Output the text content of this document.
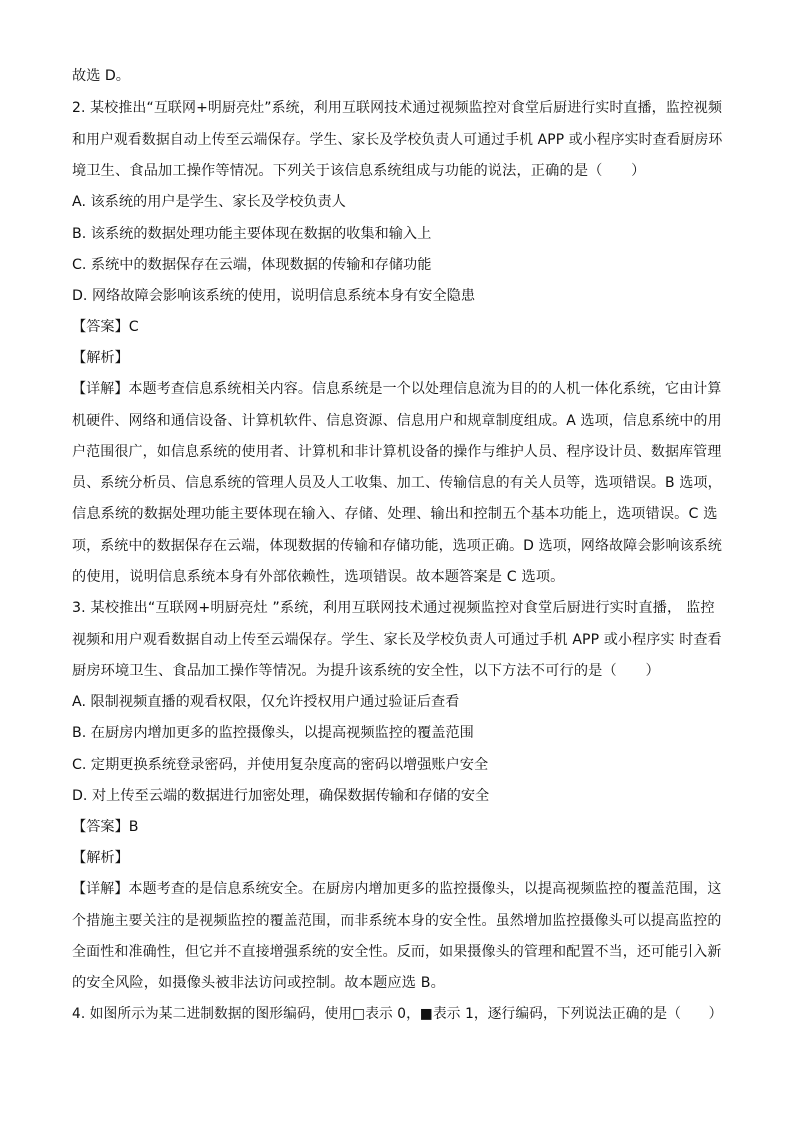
故选 D。
2. 某校推出“互联网+明厨亮灶”系统，利用互联网技术通过视频监控对食堂后厨进行实时直播，监控视频
和用户观看数据自动上传至云端保存。学生、家长及学校负责人可通过手机 APP 或小程序实时查看厨房环
境卫生、食品加工操作等情况。下列关于该信息系统组成与功能的说法，正确的是（　　）
A. 该系统的用户是学生、家长及学校负责人
B. 该系统的数据处理功能主要体现在数据的收集和输入上
C. 系统中的数据保存在云端，体现数据的传输和存储功能
D. 网络故障会影响该系统的使用，说明信息系统本身有安全隐患
【答案】C
【解析】
【详解】本题考查信息系统相关内容。信息系统是一个以处理信息流为目的的人机一体化系统，它由计算
机硬件、网络和通信设备、计算机软件、信息资源、信息用户和规章制度组成。A 选项，信息系统中的用
户范围很广，如信息系统的使用者、计算机和非计算机设备的操作与维护人员、程序设计员、数据库管理
员、系统分析员、信息系统的管理人员及人工收集、加工、传输信息的有关人员等，选项错误。B 选项，
信息系统的数据处理功能主要体现在输入、存储、处理、输出和控制五个基本功能上，选项错误。C 选
项，系统中的数据保存在云端，体现数据的传输和存储功能，选项正确。D 选项，网络故障会影响该系统
的使用，说明信息系统本身有外部依赖性，选项错误。故本题答案是 C 选项。
3. 某校推出“互联网+明厨亮灶 ”系统，利用互联网技术通过视频监控对食堂后厨进行实时直播， 监控
视频和用户观看数据自动上传至云端保存。学生、家长及学校负责人可通过手机 APP 或小程序实 时查看
厨房环境卫生、食品加工操作等情况。为提升该系统的安全性，以下方法不可行的是（　　）
A. 限制视频直播的观看权限，仅允许授权用户通过验证后查看
B. 在厨房内增加更多的监控摄像头，以提高视频监控的覆盖范围
C. 定期更换系统登录密码，并使用复杂度高的密码以增强账户安全
D. 对上传至云端的数据进行加密处理，确保数据传输和存储的安全
【答案】B
【解析】
【详解】本题考查的是信息系统安全。在厨房内增加更多的监控摄像头，以提高视频监控的覆盖范围，这
个措施主要关注的是视频监控的覆盖范围，而非系统本身的安全性。虽然增加监控摄像头可以提高监控的
全面性和准确性，但它并不直接增强系统的安全性。反而，如果摄像头的管理和配置不当，还可能引入新
的安全风险，如摄像头被非法访问或控制。故本题应选 B。
4. 如图所示为某二进制数据的图形编码，使用□表示 0，■表示 1，逐行编码，下列说法正确的是（　　）
